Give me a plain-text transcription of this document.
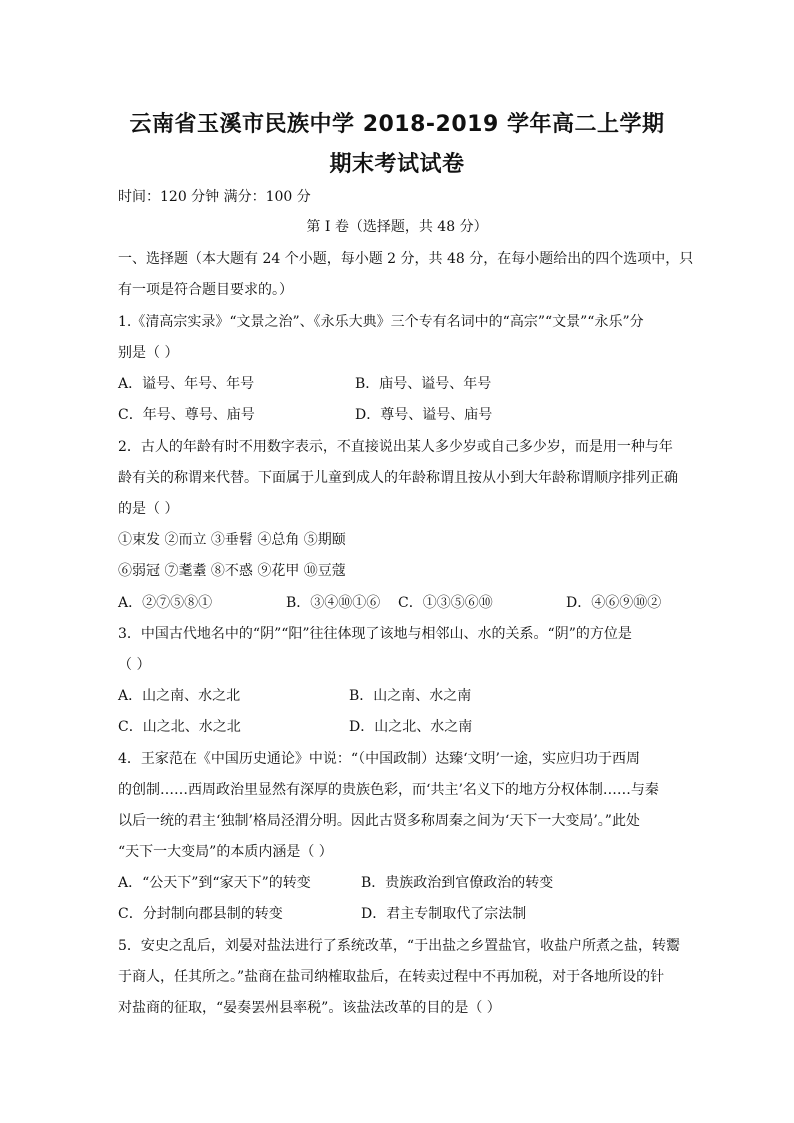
云南省玉溪市民族中学 2018-2019 学年高二上学期
期末考试试卷
时间：120 分钟 满分：100 分
第 I 卷（选择题，共 48 分）
一、选择题（本大题有 24 个小题，每小题 2 分，共 48 分，在每小题给出的四个选项中，只
有一项是符合题目要求的。）
1.《清高宗实录》“文景之治”、《永乐大典》三个专有名词中的“高宗”“文景”“永乐”分
别是（ ）
A．谥号、年号、年号	B．庙号、谥号、年号
C．年号、尊号、庙号	D．尊号、谥号、庙号
2．古人的年龄有时不用数字表示，不直接说出某人多少岁或自己多少岁，而是用一种与年
龄有关的称谓来代替。下面属于儿童到成人的年龄称谓且按从小到大年龄称谓顺序排列正确
的是（ ）
①束发 ②而立 ③垂髫 ④总角 ⑤期颐
⑥弱冠 ⑦耄耋 ⑧不惑 ⑨花甲 ⑩豆蔻
A．②⑦⑤⑧①	B．③④⑩①⑥ C．①③⑤⑥⑩	D．④⑥⑨⑩②
3．中国古代地名中的“阴”“阳”往往体现了该地与相邻山、水的关系。“阴”的方位是
（ ）
A．山之南、水之北	B．山之南、水之南
C．山之北、水之北	D．山之北、水之南
4．王家范在《中国历史通论》中说：“（中国政制）达臻‘文明’一途，实应归功于西周
的创制……西周政治里显然有深厚的贵族色彩，而‘共主’名义下的地方分权体制……与秦
以后一统的君主‘独制’格局泾渭分明。因此古贤多称周秦之间为‘天下一大变局’。”此处
“天下一大变局”的本质内涵是（ ）
A．“公天下”到“家天下”的转变	B．贵族政治到官僚政治的转变
C．分封制向郡县制的转变	D．君主专制取代了宗法制
5．安史之乱后，刘晏对盐法进行了系统改革，“于出盐之乡置盐官，收盐户所煮之盐，转鬻
于商人，任其所之。”盐商在盐司纳榷取盐后，在转卖过程中不再加税，对于各地所设的针
对盐商的征取，“晏奏罢州县率税”。该盐法改革的目的是（ ）
